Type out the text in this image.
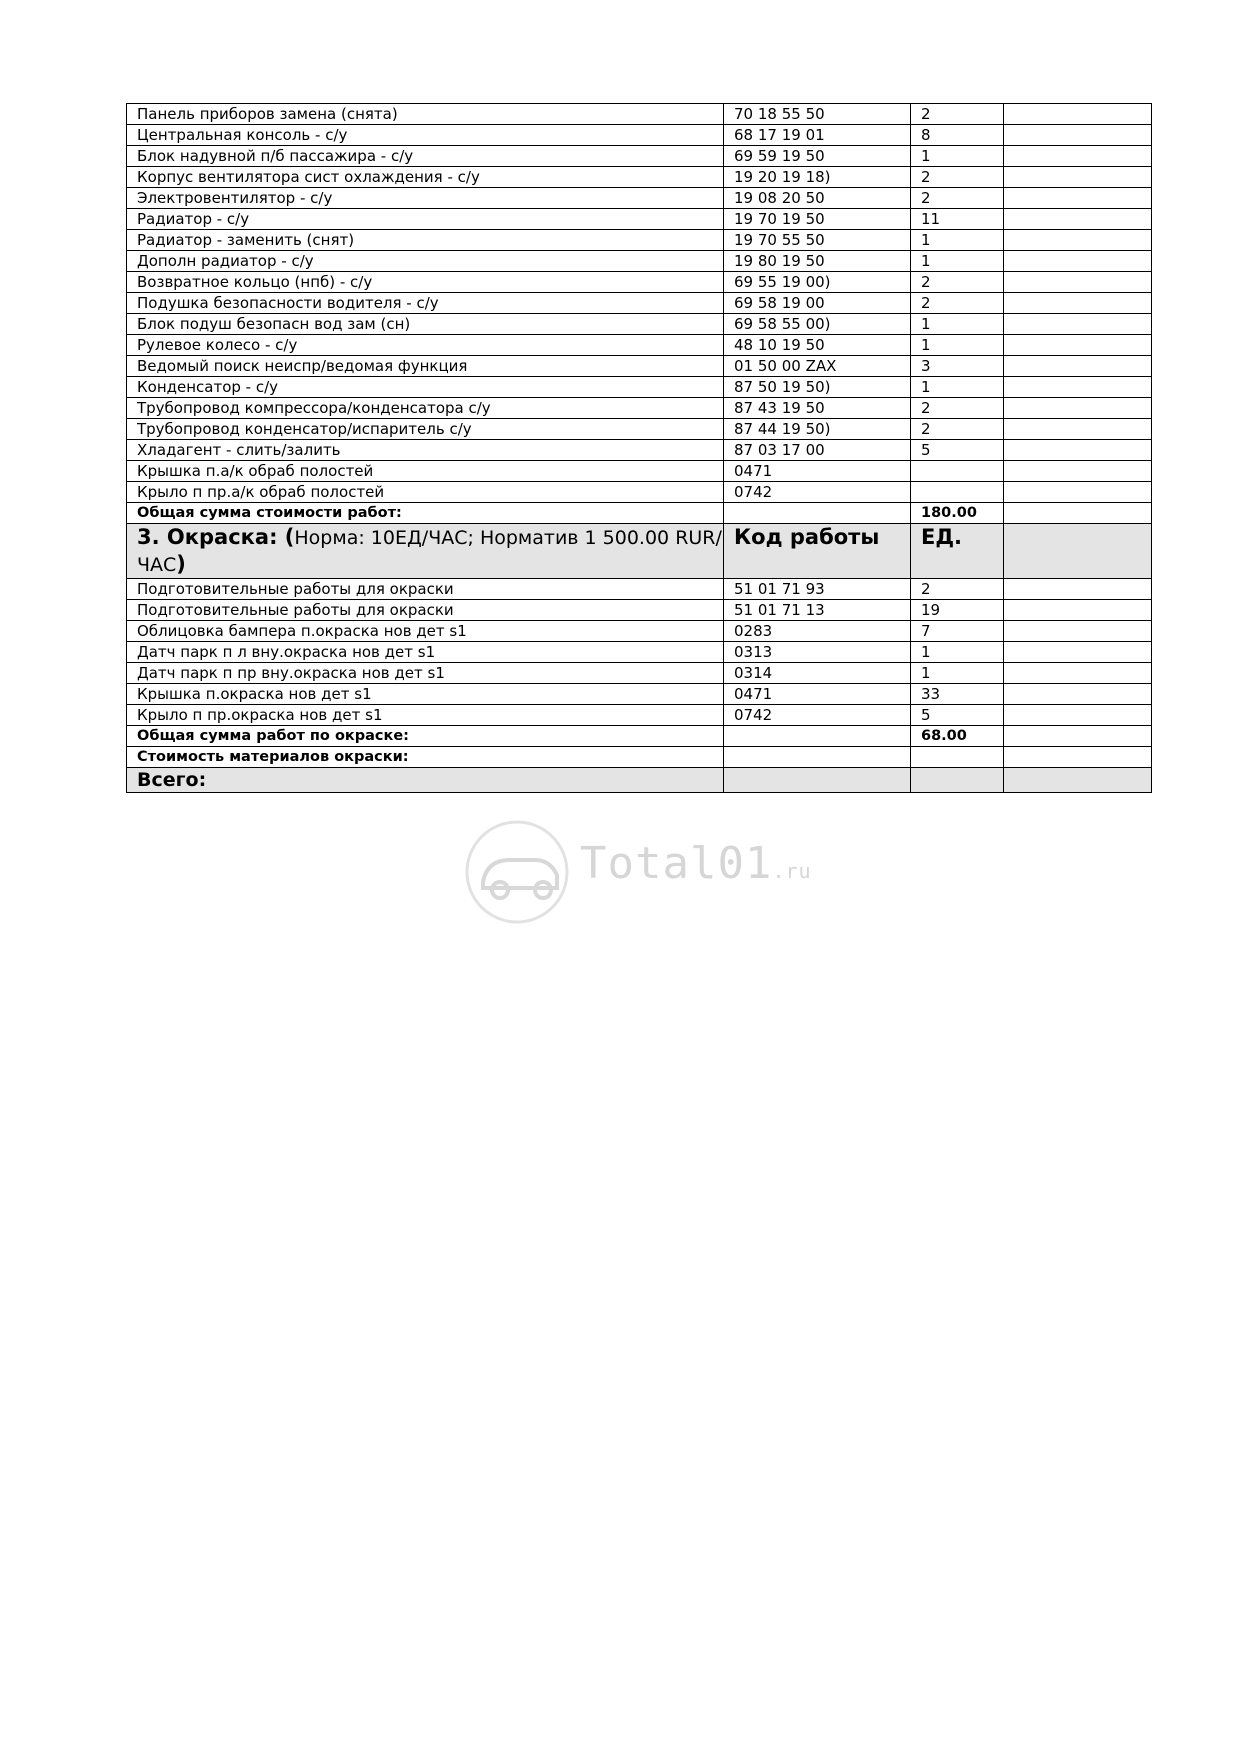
Панель приборов замена (снята)	70 18 55 50	2	
Центральная консоль - с/у	68 17 19 01	8	
Блок надувной п/б пассажира - с/у	69 59 19 50	1	
Корпус вентилятора сист охлаждения - с/у	19 20 19 18)	2	
Электровентилятор - с/у	19 08 20 50	2	
Радиатор - с/у	19 70 19 50	11	
Радиатор - заменить (снят)	19 70 55 50	1	
Дополн радиатор - с/у	19 80 19 50	1	
Возвратное кольцо (нпб) - с/у	69 55 19 00)	2	
Подушка безопасности водителя - с/у	69 58 19 00	2	
Блок подуш безопасн вод зам (сн)	69 58 55 00)	1	
Рулевое колесо - с/у	48 10 19 50	1	
Ведомый поиск неиспр/ведомая функция	01 50 00 ZAX	3	
Конденсатор - с/у	87 50 19 50)	1	
Трубопровод компрессора/конденсатора с/у	87 43 19 50	2	
Трубопровод конденсатор/испаритель с/у	87 44 19 50)	2	
Хладагент - слить/залить	87 03 17 00	5	
Крышка п.а/к обраб полостей	0471		
Крыло п пр.а/к обраб полостей	0742		
Общая сумма стоимости работ:		180.00	
3. Окраска: (Норма: 10ЕД/ЧАС; Норматив 1 500.00 RUR/ЧАС)	Код работы	ЕД.	
Подготовительные работы для окраски	51 01 71 93	2	
Подготовительные работы для окраски	51 01 71 13	19	
Облицовка бампера п.окраска нов дет s1	0283	7	
Датч парк п л вну.окраска нов дет s1	0313	1	
Датч парк п пр вну.окраска нов дет s1	0314	1	
Крышка п.окраска нов дет s1	0471	33	
Крыло п пр.окраска нов дет s1	0742	5	
Общая сумма работ по окраске:		68.00	
Стоимость материалов окраски:			
Всего:			
Total01.ru
